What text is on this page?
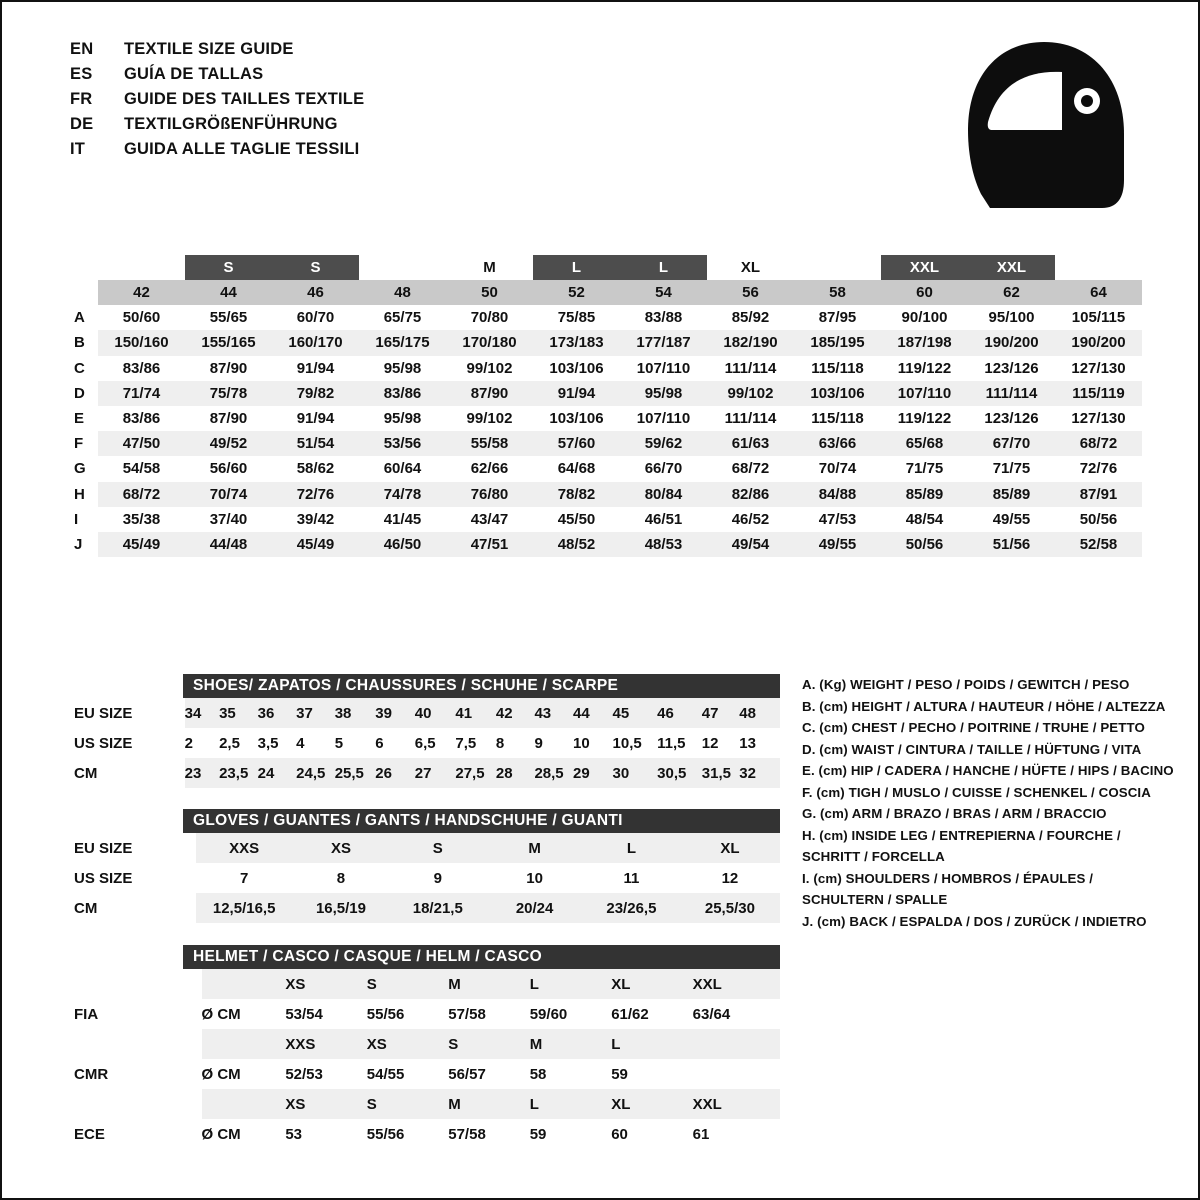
EN	TEXTILE SIZE GUIDE
ES	GUÍA DE TALLAS
FR	GUIDE DES TAILLES TEXTILE
DE	TEXTILGRÖßENFÜHRUNG
IT	GUIDA ALLE TAGLIE TESSILI
		S	S		M	L	L	XL		XXL	XXL	
	42	44	46	48	50	52	54	56	58	60	62	64
A	50/60	55/65	60/70	65/75	70/80	75/85	83/88	85/92	87/95	90/100	95/100	105/115
B	150/160	155/165	160/170	165/175	170/180	173/183	177/187	182/190	185/195	187/198	190/200	190/200
C	83/86	87/90	91/94	95/98	99/102	103/106	107/110	111/114	115/118	119/122	123/126	127/130
D	71/74	75/78	79/82	83/86	87/90	91/94	95/98	99/102	103/106	107/110	111/114	115/119
E	83/86	87/90	91/94	95/98	99/102	103/106	107/110	111/114	115/118	119/122	123/126	127/130
F	47/50	49/52	51/54	53/56	55/58	57/60	59/62	61/63	63/66	65/68	67/70	68/72
G	54/58	56/60	58/62	60/64	62/66	64/68	66/70	68/72	70/74	71/75	71/75	72/76
H	68/72	70/74	72/76	74/78	76/80	78/82	80/84	82/86	84/88	85/89	85/89	87/91
I	35/38	37/40	39/42	41/45	43/47	45/50	46/51	46/52	47/53	48/54	49/55	50/56
J	45/49	44/48	45/49	46/50	47/51	48/52	48/53	49/54	49/55	50/56	51/56	52/58
SHOES/ ZAPATOS / CHAUSSURES / SCHUHE / SCARPE
EU SIZE	34	35	36	37	38	39	40	41	42	43	44	45	46	47	48
US SIZE	2	2,5	3,5	4	5	6	6,5	7,5	8	9	10	10,5	11,5	12	13
CM	23	23,5	24	24,5	25,5	26	27	27,5	28	28,5	29	30	30,5	31,5	32
GLOVES / GUANTES / GANTS / HANDSCHUHE / GUANTI
EU SIZE	XXS	XS	S	M	L	XL
US SIZE	7	8	9	10	11	12
CM	12,5/16,5	16,5/19	18/21,5	20/24	23/26,5	25,5/30
HELMET / CASCO / CASQUE / HELM / CASCO
		XS	S	M	L	XL	XXL
FIA	Ø CM	53/54	55/56	57/58	59/60	61/62	63/64
		XXS	XS	S	M	L	
CMR	Ø CM	52/53	54/55	56/57	58	59	
		XS	S	M	L	XL	XXL
ECE	Ø CM	53	55/56	57/58	59	60	61
A. (Kg) WEIGHT / PESO / POIDS / GEWITCH / PESO
B. (cm) HEIGHT / ALTURA / HAUTEUR / HÖHE / ALTEZZA
C. (cm) CHEST / PECHO / POITRINE / TRUHE / PETTO
D. (cm) WAIST / CINTURA / TAILLE / HÜFTUNG / VITA
E. (cm) HIP / CADERA / HANCHE / HÜFTE / HIPS / BACINO
F. (cm) TIGH / MUSLO / CUISSE / SCHENKEL / COSCIA
G. (cm) ARM / BRAZO / BRAS / ARM / BRACCIO
H. (cm) INSIDE LEG / ENTREPIERNA / FOURCHE /
SCHRITT / FORCELLA
I. (cm) SHOULDERS / HOMBROS / ÉPAULES /
SCHULTERN / SPALLE
J. (cm) BACK / ESPALDA / DOS / ZURÜCK / INDIETRO
